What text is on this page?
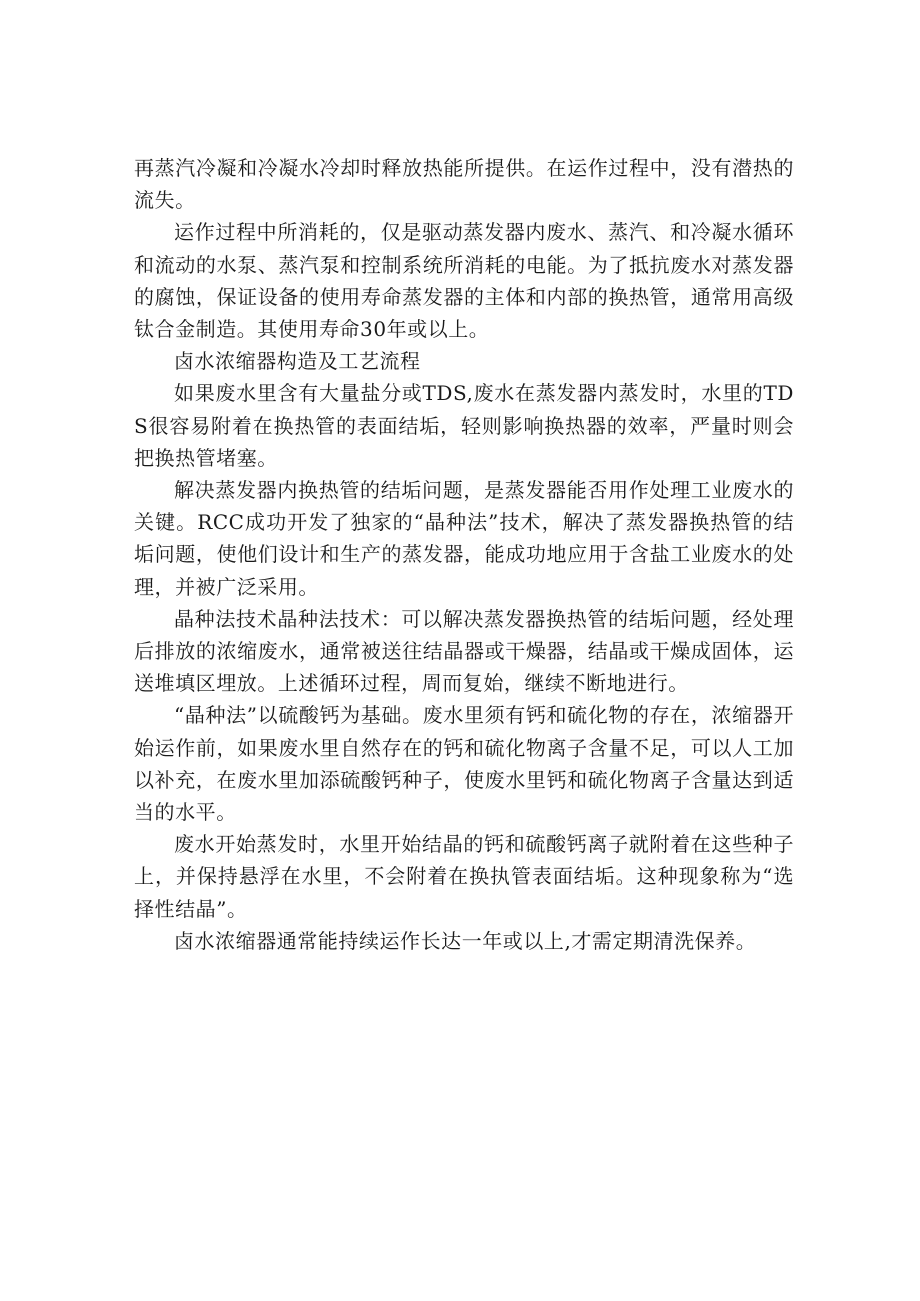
再蒸汽冷凝和冷凝水冷却时释放热能所提供。在运作过程中，没有潜热的流失。

运作过程中所消耗的，仅是驱动蒸发器内废水、蒸汽、和冷凝水循环和流动的水泵、蒸汽泵和控制系统所消耗的电能。为了抵抗废水对蒸发器的腐蚀，保证设备的使用寿命蒸发器的主体和内部的换热管，通常用高级钛合金制造。其使用寿命30年或以上。

卤水浓缩器构造及工艺流程

如果废水里含有大量盐分或TDS,废水在蒸发器内蒸发时，水里的TDS很容易附着在换热管的表面结垢，轻则影响换热器的效率，严量时则会把换热管堵塞。

解决蒸发器内换热管的结垢问题，是蒸发器能否用作处理工业废水的关键。RCC成功开发了独家的“晶种法”技术，解决了蒸发器换热管的结垢问题，使他们设计和生产的蒸发器，能成功地应用于含盐工业废水的处理，并被广泛采用。

晶种法技术晶种法技术：可以解决蒸发器换热管的结垢问题，经处理后排放的浓缩废水，通常被送往结晶器或干燥器，结晶或干燥成固体，运送堆填区埋放。上述循环过程，周而复始，继续不断地进行。

“晶种法”以硫酸钙为基础。废水里须有钙和硫化物的存在，浓缩器开始运作前，如果废水里自然存在的钙和硫化物离子含量不足，可以人工加以补充，在废水里加添硫酸钙种子，使废水里钙和硫化物离子含量达到适当的水平。

废水开始蒸发时，水里开始结晶的钙和硫酸钙离子就附着在这些种子上，并保持悬浮在水里，不会附着在换执管表面结垢。这种现象称为“选择性结晶”。

卤水浓缩器通常能持续运作长达一年或以上,才需定期清洗保养。
